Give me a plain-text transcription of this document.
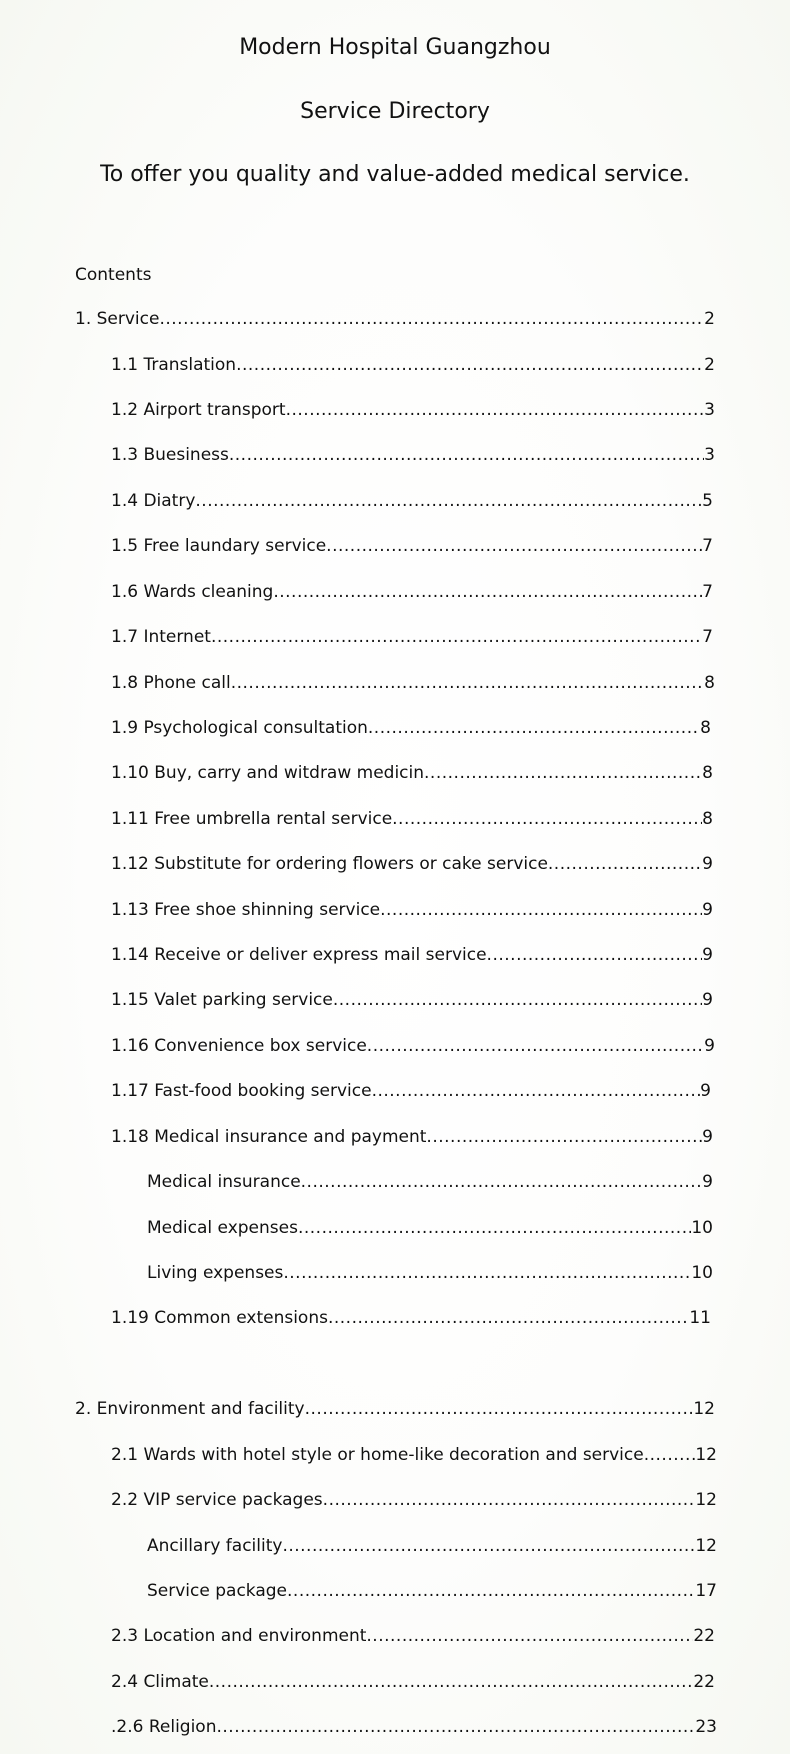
Modern Hospital Guangzhou
Service Directory
To offer you quality and value-added medical service.
Contents
1. Service .....	2
1.1 Translation .....	2
1.2 Airport transport .....	3
1.3 Buesiness .....	3
1.4 Diatry .....	5
1.5 Free laundary service .....	7
1.6 Wards cleaning .....	7
1.7 Internet .....	7
1.8 Phone call .....	8
1.9 Psychological consultation .....	8
1.10 Buy, carry and witdraw medicin .....	8
1.11 Free umbrella rental service .....	8
1.12 Substitute for ordering flowers or cake service .....	9
1.13 Free shoe shinning service .....	9
1.14 Receive or deliver express mail service .....	9
1.15 Valet parking service .....	9
1.16 Convenience box service .....	9
1.17 Fast-food booking service .....	9
1.18 Medical insurance and payment .....	9
Medical insurance .....	9
Medical expenses .....	10
Living expenses .....	10
1.19 Common extensions .....	11
2. Environment and facility .....	12
2.1 Wards with hotel style or home-like decoration and service .....	12
2.2 VIP service packages .....	12
Ancillary facility .....	12
Service package .....	17
2.3 Location and environment .....	22
2.4 Climate .....	22
.2.6 Religion .....	23
